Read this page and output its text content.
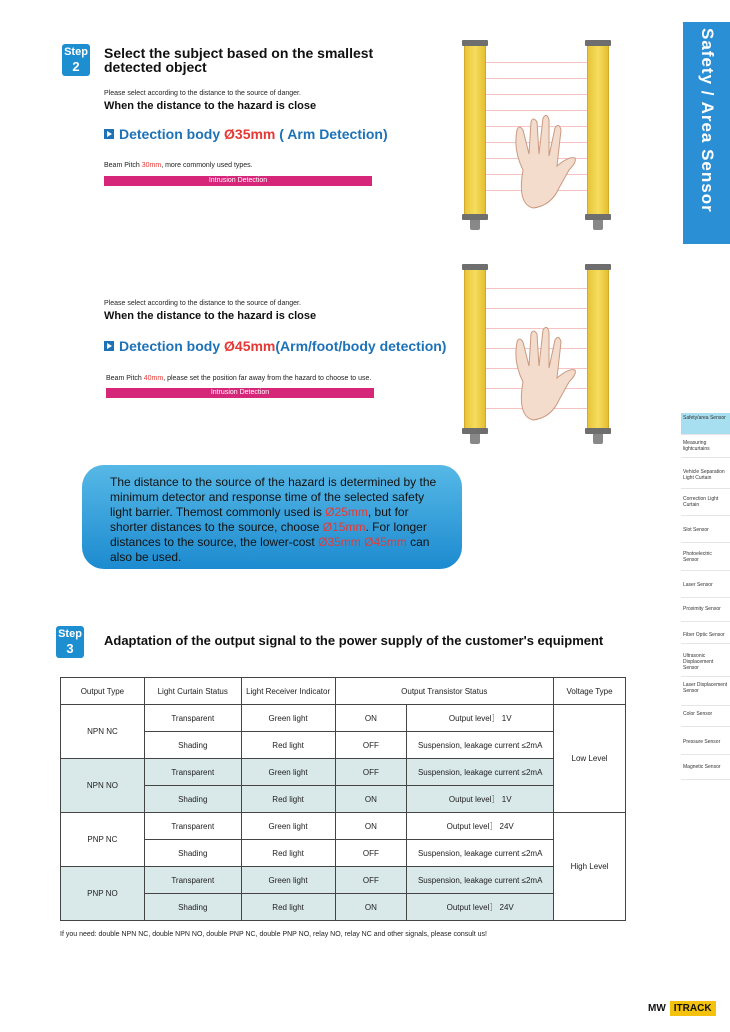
Safety / Area Sensor
Safety/area Sensor
Measuring lightcurtains
Vehicle Separation Light Curtain
Correction Light Curtain
Slot Sensor
Photoelectric Sensor
Laser Sensor
Proximity Sensor
Fiber Optic Sensor
Ultrasonic Displacement Sensor
Laser Displacement Sensor
Color Sensor
Pressure Sensor
Magnetic Sensor
Step
2
Select the subject based on the smallest
detected object
Please select according to the distance to the source of danger.
When the distance to the hazard is close
Detection body Ø35mm ( Arm Detection)
Beam Pitch 30mm, more commonly used types.
Intrusion Detection
Please select according to the distance to the source of danger.
When the distance to the hazard is close
Detection body Ø45mm(Arm/foot/body detection)
Beam Pitch 40mm, please set the position far away from the hazard to choose to use.
Intrusion Detection
The distance to the source of the hazard is determined by the minimum detector and response time of the selected safety light barrier. Themost commonly used is Ø25mm, but for shorter distances to the source, choose Ø15mm. For longer distances to the source, the lower-cost Ø35mm Ø45mm can also be used.
Step
3
Adaptation of the output signal to the power supply of the customer's equipment
Output Type	Light Curtain Status	Light Receiver Indicator	Output Transistor Status		Voltage Type
NPN NC	Transparent	Green light	ON	Output level］ 1V	Low Level
	Shading	Red light	OFF	Suspension, leakage current ≤2mA	
NPN NO	Transparent	Green light	OFF	Suspension, leakage current ≤2mA	
	Shading	Red light	ON	Output level］ 1V	
PNP NC	Transparent	Green light	ON	Output level］ 24V	High Level
	Shading	Red light	OFF	Suspension, leakage current ≤2mA	
PNP NO	Transparent	Green light	OFF	Suspension, leakage current ≤2mA	
	Shading	Red light	ON	Output level］ 24V	
If you need: double NPN NC, double NPN NO, double PNP NC, double PNP NO, relay NO, relay NC and other signals, please consult us!
MW ITRACK
